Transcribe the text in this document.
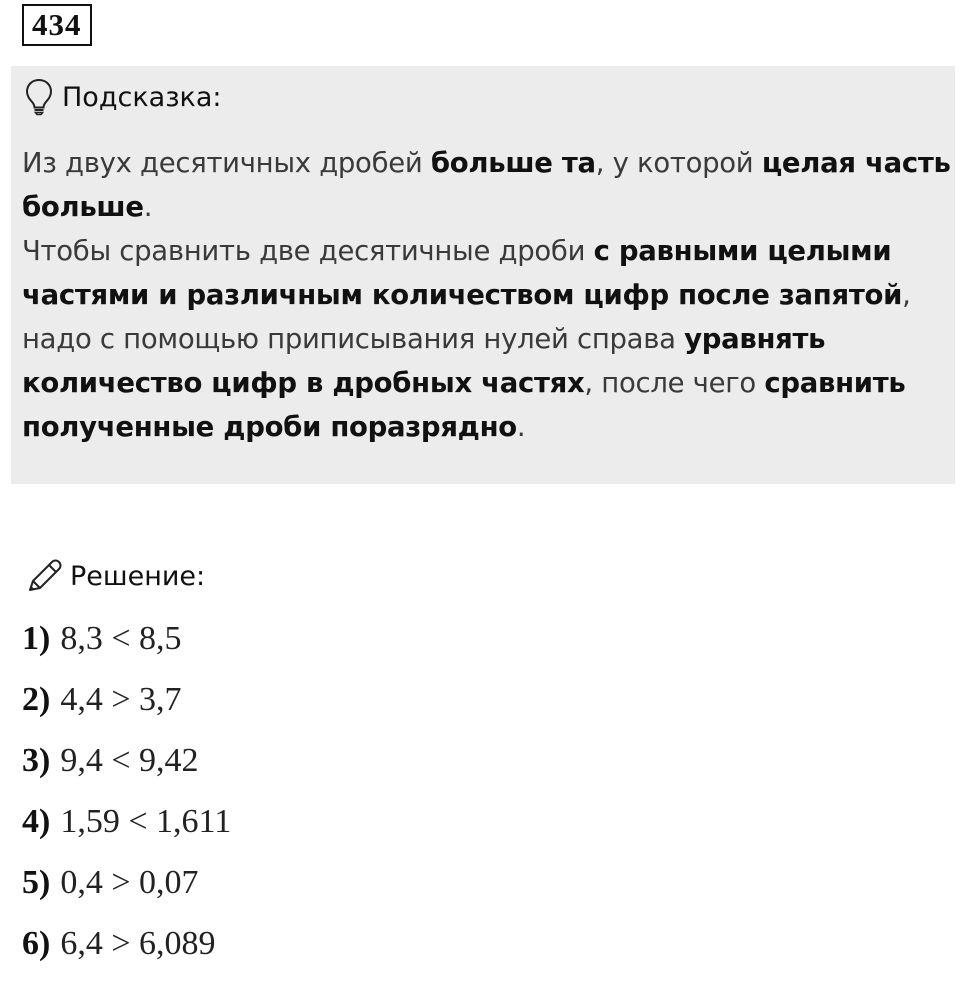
434
Подсказка:
Из двух десятичных дробей больше та, у которой целая часть больше.
Чтобы сравнить две десятичные дроби с равными целыми частями и различным количеством цифр после запятой, надо с помощью приписывания нулей справа уравнять количество цифр в дробных частях, после чего сравнить полученные дроби поразрядно.
Решение:
1) 8,3 < 8,5
2) 4,4 > 3,7
3) 9,4 < 9,42
4) 1,59 < 1,611
5) 0,4 > 0,07
6) 6,4 > 6,089
